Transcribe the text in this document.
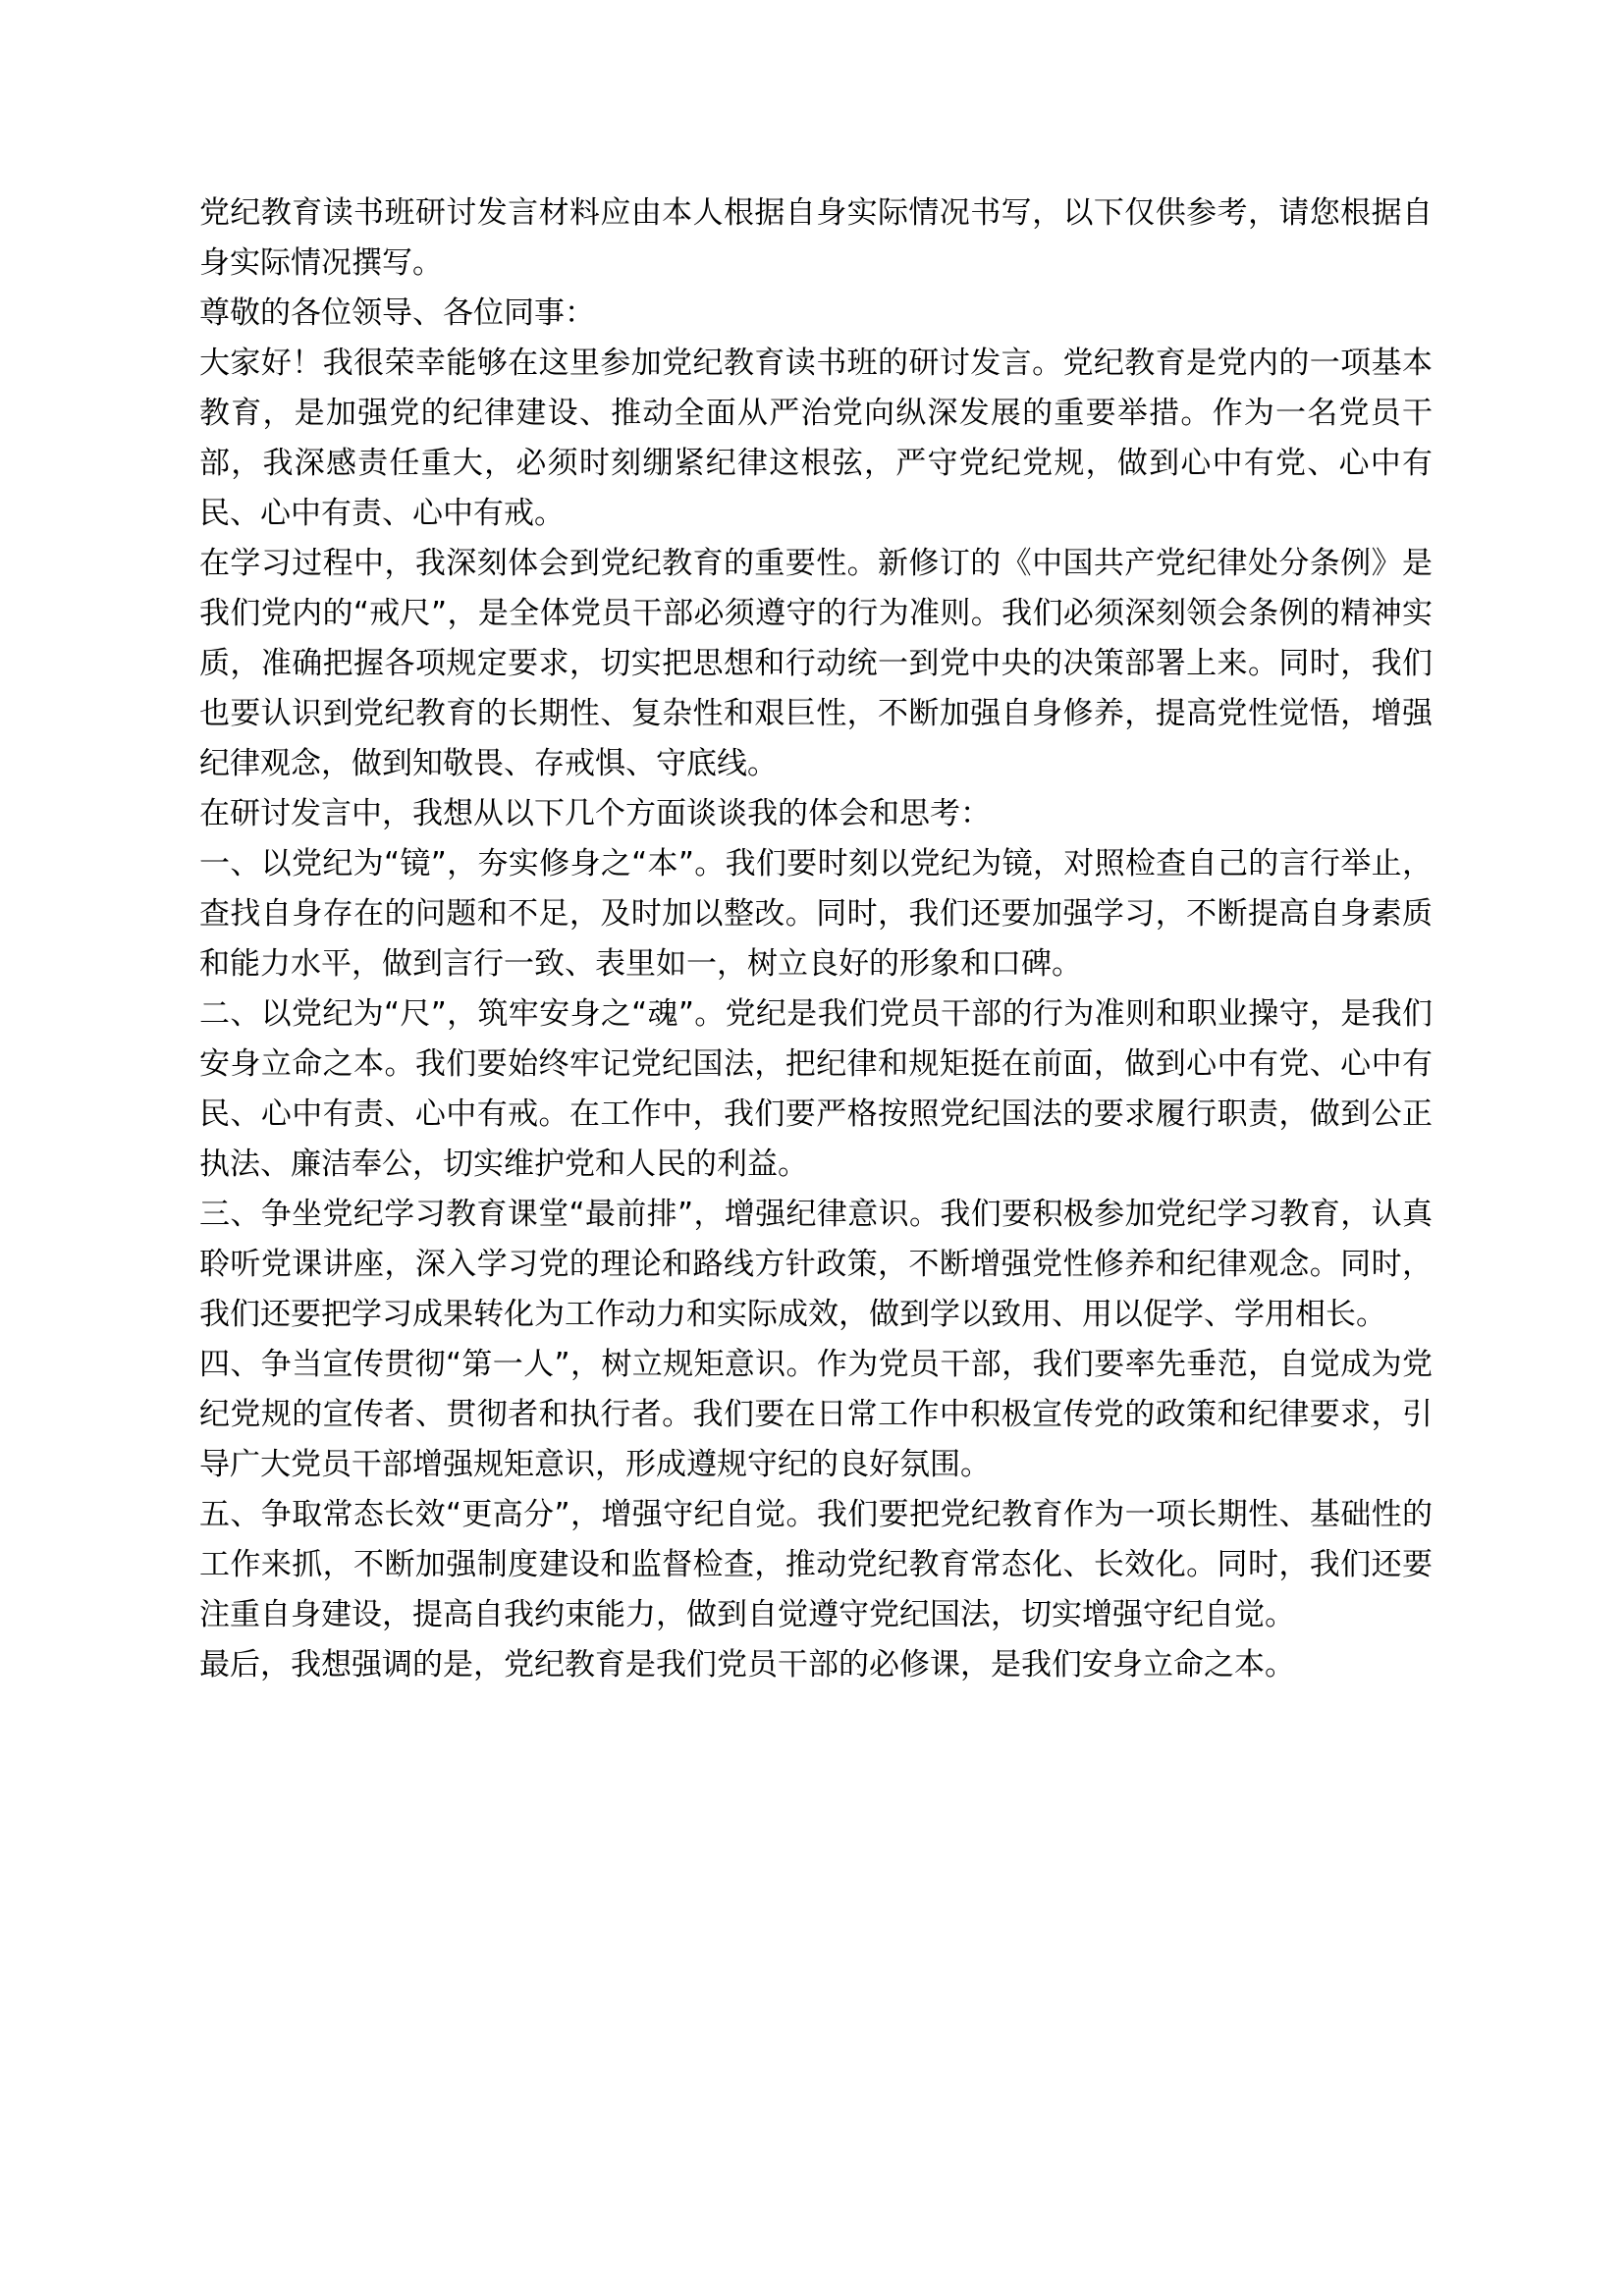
党纪教育读书班研讨发言材料应由本人根据自身实际情况书写，以下仅供参考，请您根据自身实际情况撰写。

尊敬的各位领导、各位同事：

大家好！我很荣幸能够在这里参加党纪教育读书班的研讨发言。党纪教育是党内的一项基本教育，是加强党的纪律建设、推动全面从严治党向纵深发展的重要举措。作为一名党员干部，我深感责任重大，必须时刻绷紧纪律这根弦，严守党纪党规，做到心中有党、心中有民、心中有责、心中有戒。

在学习过程中，我深刻体会到党纪教育的重要性。新修订的《中国共产党纪律处分条例》是我们党内的“戒尺”，是全体党员干部必须遵守的行为准则。我们必须深刻领会条例的精神实质，准确把握各项规定要求，切实把思想和行动统一到党中央的决策部署上来。同时，我们也要认识到党纪教育的长期性、复杂性和艰巨性，不断加强自身修养，提高党性觉悟，增强纪律观念，做到知敬畏、存戒惧、守底线。

在研讨发言中，我想从以下几个方面谈谈我的体会和思考：

一、以党纪为“镜”，夯实修身之“本”。我们要时刻以党纪为镜，对照检查自己的言行举止，查找自身存在的问题和不足，及时加以整改。同时，我们还要加强学习，不断提高自身素质和能力水平，做到言行一致、表里如一，树立良好的形象和口碑。

二、以党纪为“尺”，筑牢安身之“魂”。党纪是我们党员干部的行为准则和职业操守，是我们安身立命之本。我们要始终牢记党纪国法，把纪律和规矩挺在前面，做到心中有党、心中有民、心中有责、心中有戒。在工作中，我们要严格按照党纪国法的要求履行职责，做到公正执法、廉洁奉公，切实维护党和人民的利益。

三、争坐党纪学习教育课堂“最前排”，增强纪律意识。我们要积极参加党纪学习教育，认真聆听党课讲座，深入学习党的理论和路线方针政策，不断增强党性修养和纪律观念。同时，我们还要把学习成果转化为工作动力和实际成效，做到学以致用、用以促学、学用相长。

四、争当宣传贯彻“第一人”，树立规矩意识。作为党员干部，我们要率先垂范，自觉成为党纪党规的宣传者、贯彻者和执行者。我们要在日常工作中积极宣传党的政策和纪律要求，引导广大党员干部增强规矩意识，形成遵规守纪的良好氛围。

五、争取常态长效“更高分”，增强守纪自觉。我们要把党纪教育作为一项长期性、基础性的工作来抓，不断加强制度建设和监督检查，推动党纪教育常态化、长效化。同时，我们还要注重自身建设，提高自我约束能力，做到自觉遵守党纪国法，切实增强守纪自觉。

最后，我想强调的是，党纪教育是我们党员干部的必修课，是我们安身立命之本。
